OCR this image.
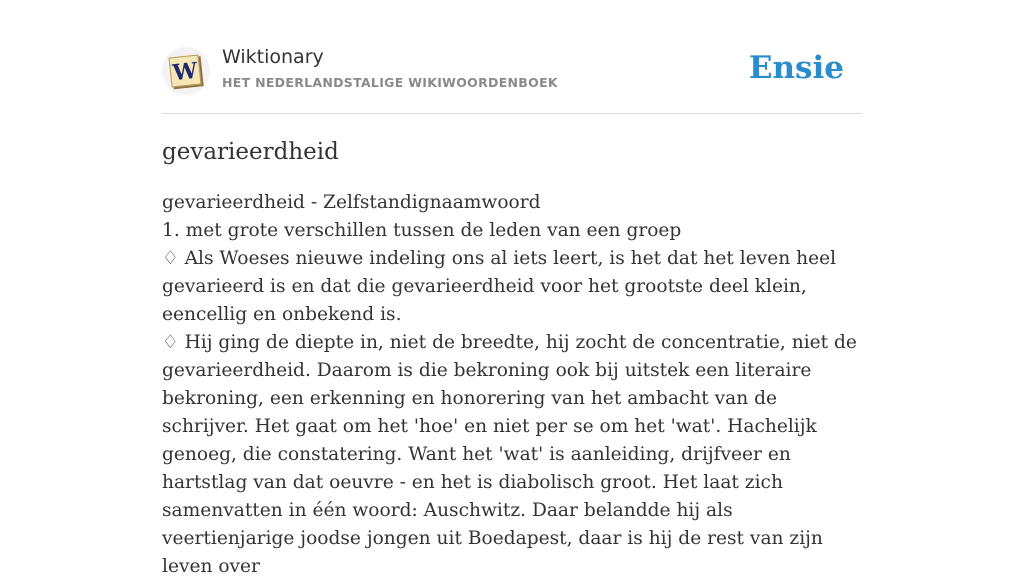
W
Wiktionary
HET NEDERLANDSTALIGE WIKIWOORDENBOEK	Ensie
gevarieerdheid
gevarieerdheid - Zelfstandignaamwoord
1. met grote verschillen tussen de leden van een groep
♢ Als Woeses nieuwe indeling ons al iets leert, is het dat het leven heel gevarieerd is en dat die gevarieerdheid voor het grootste deel klein, eencellig en onbekend is.
♢ Hij ging de diepte in, niet de breedte, hij zocht de concentratie, niet de gevarieerdheid. Daarom is die bekroning ook bij uitstek een literaire bekroning, een erkenning en honorering van het ambacht van de schrijver. Het gaat om het 'hoe' en niet per se om het 'wat'. Hachelijk genoeg, die constatering. Want het 'wat' is aanleiding, drijfveer en hartstlag van dat oeuvre - en het is diabolisch groot. Het laat zich samenvatten in één woord: Auschwitz. Daar belandde hij als veertienjarige joodse jongen uit Boedapest, daar is hij de rest van zijn leven over
